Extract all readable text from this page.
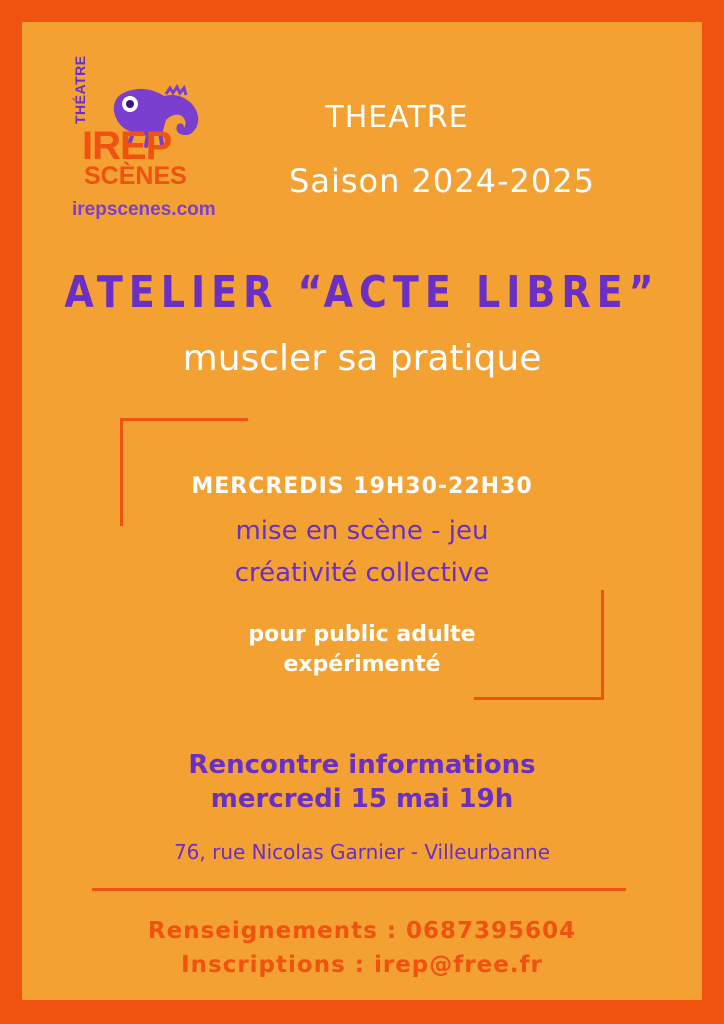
THÉATRE
IREP
SCÈNES
irepscenes.com
THEATRE
Saison 2024-2025
ATELIER “ACTE LIBRE”
muscler sa pratique
MERCREDIS 19H30-22H30
mise en scène - jeu
créativité collective
pour public adulte
expérimenté
Rencontre informations
mercredi 15 mai 19h
76, rue Nicolas Garnier - Villeurbanne
Renseignements : 0687395604
Inscriptions : irep@free.fr
